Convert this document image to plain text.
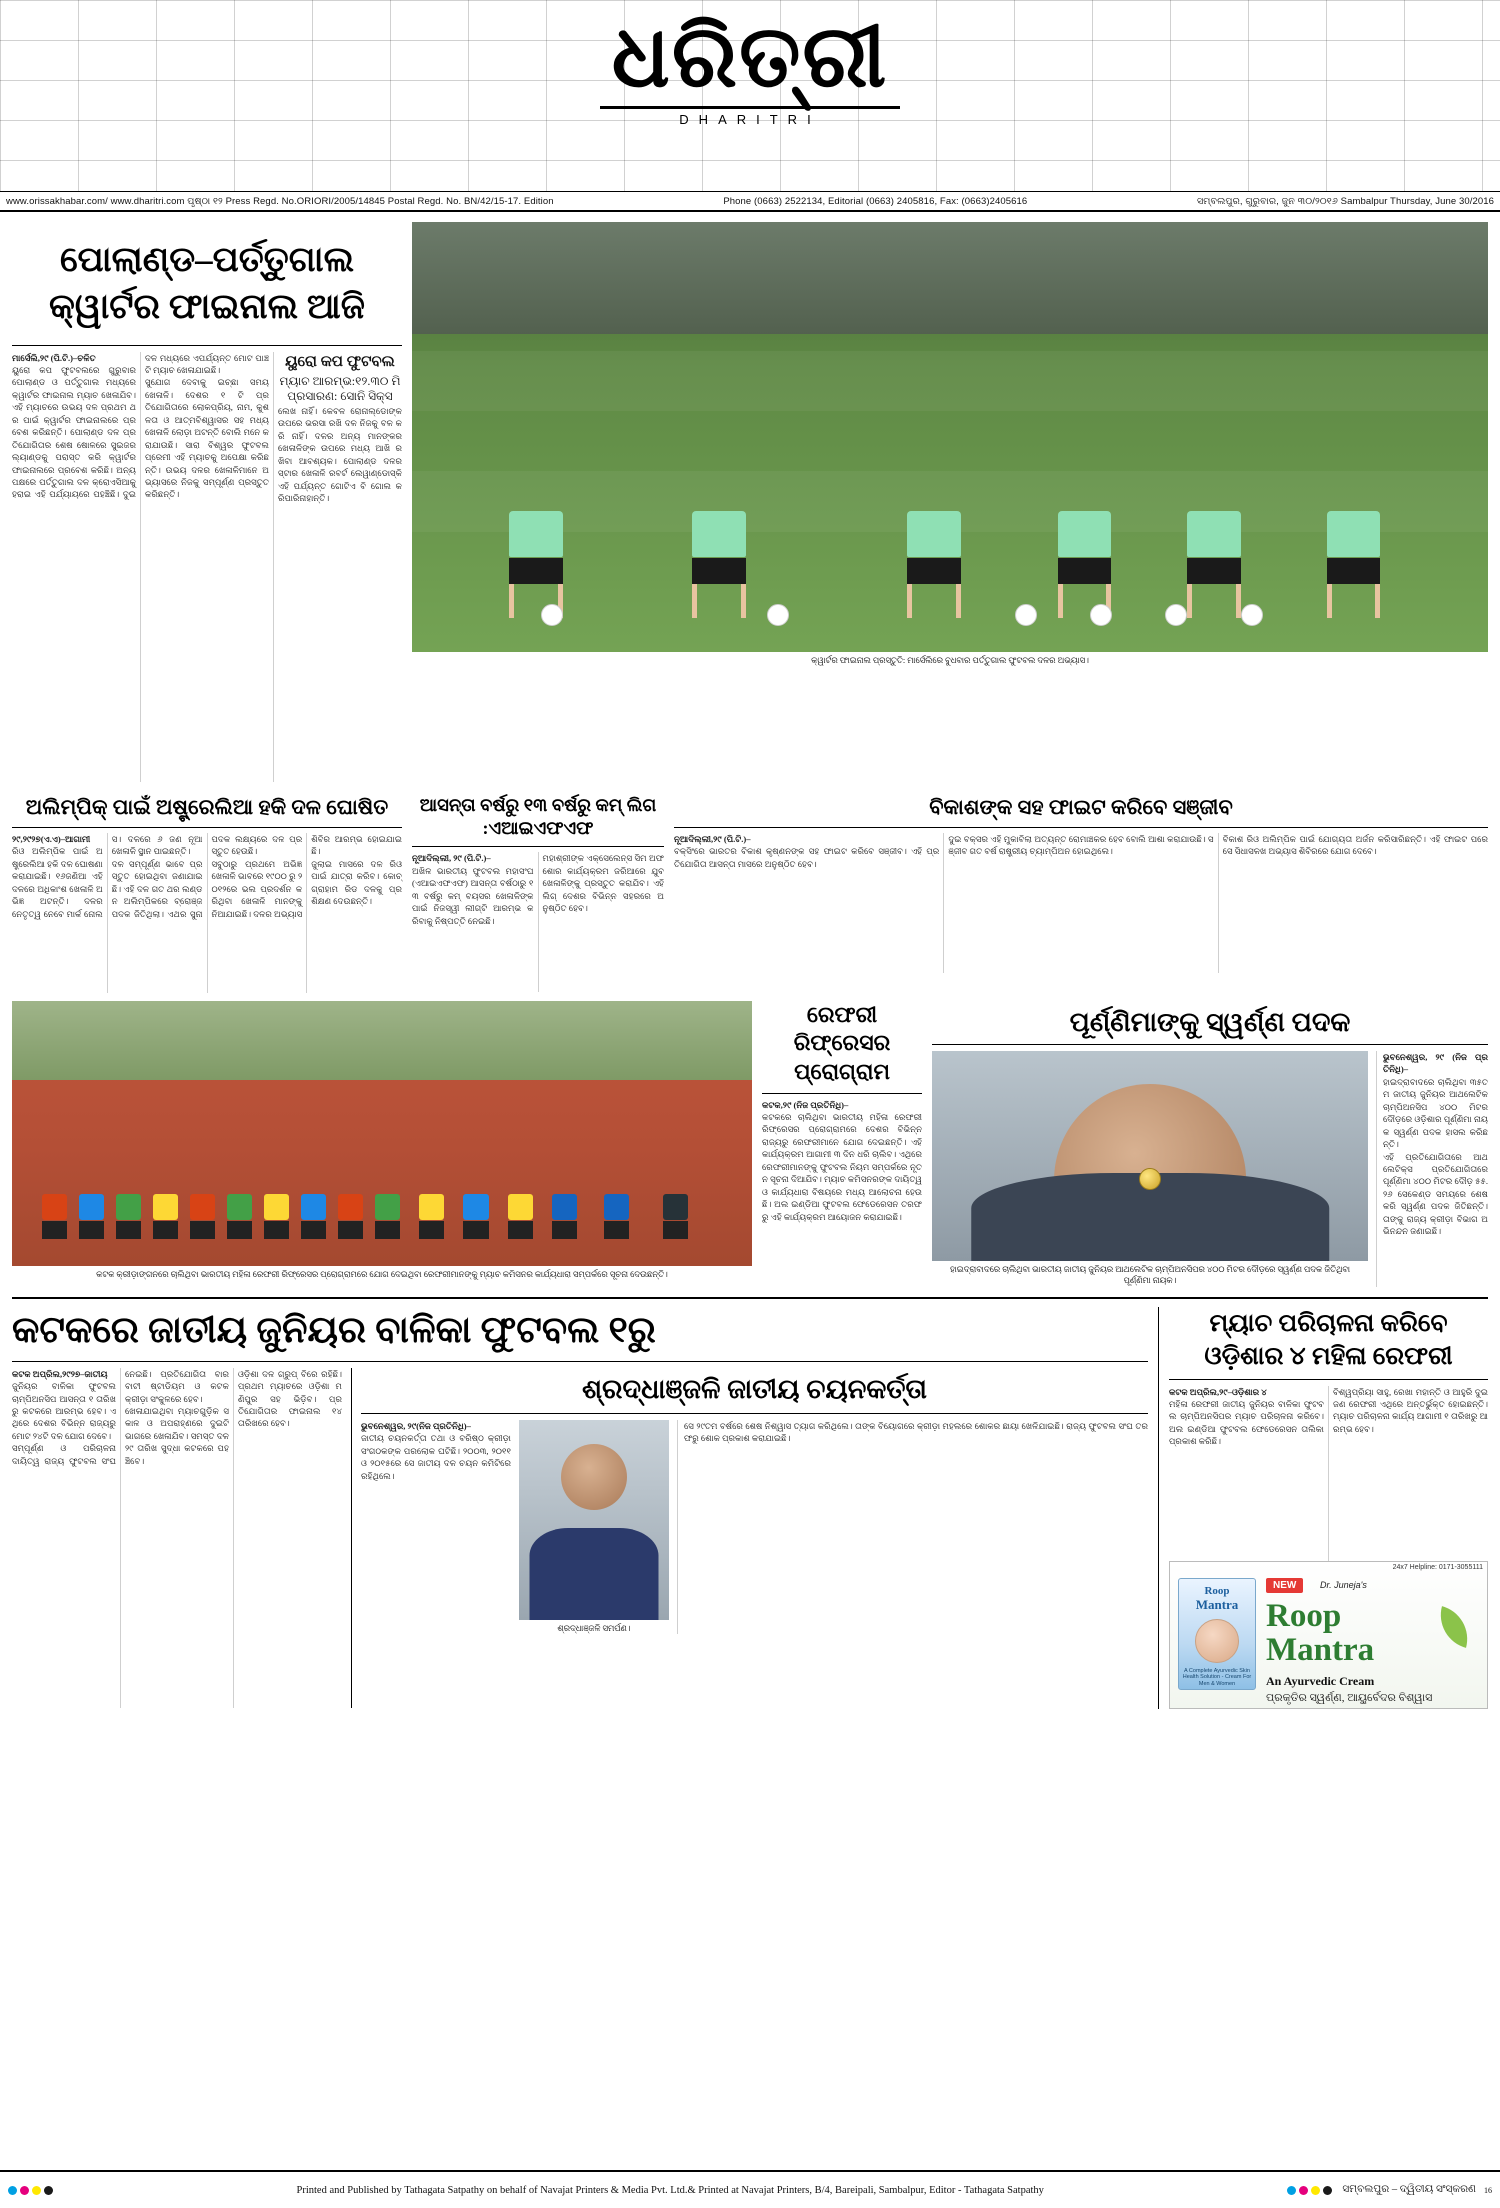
ଧରିତ୍ରୀ
DHARITRI
www.orissakhabar.com/ www.dharitri.com ପୃଷ୍ଠା ୧୨ Press Regd. No.ORIORI/2005/14845 Postal Regd. No. BN/42/15-17. Edition	Phone (0663) 2522134, Editorial (0663) 2405816, Fax: (0663)2405616	ସମ୍ବଲପୁର, ଗୁରୁବାର, ଜୁନ ୩୦/୨୦୧୬ Sambalpur Thursday, June 30/2016
ପୋଲାଣ୍ଡ–ପର୍ତ୍ତୁଗାଲ କ୍ୱାର୍ଟର ଫାଇନାଲ ଆଜି
ମାର୍ସେଲି,୨୯ (ପି.ଟି.)–ଚଳିତ
ୟୁରୋ କପ ଫୁଟବଲରେ ଗୁରୁବାର ପୋଲାଣ୍ଡ ଓ ପର୍ତ୍ତୁଗାଲ ମଧ୍ୟରେ କ୍ୱାର୍ଟର ଫାଇନାଲ ମ୍ୟାଚ ଖେଳାଯିବ। ଏହି ମ୍ୟାଚରେ ଉଭୟ ଦଳ ପ୍ରଥମ ଥର ପାଇଁ କ୍ୱାର୍ଟର ଫାଇନାଲରେ ପ୍ରବେଶ କରିଛନ୍ତି। ପୋଲାଣ୍ଡ ଦଳ ପ୍ରତିଯୋଗିତାର ଶେଷ ଷୋଳରେ ସୁଇଜରଲ୍ୟାଣ୍ଡକୁ ପରାସ୍ତ କରି କ୍ୱାର୍ଟର ଫାଇନାଲରେ ପ୍ରବେଶ କରିଛି। ଅନ୍ୟ ପକ୍ଷରେ ପର୍ତ୍ତୁଗାଲ ଦଳ କ୍ରୋଏସିଆକୁ ହରାଇ ଏହି ପର୍ଯ୍ୟାୟରେ ପହଞ୍ଚିଛି। ଦୁଇ ଦଳ ମଧ୍ୟରେ ଏପର୍ଯ୍ୟନ୍ତ ମୋଟ ପାଞ୍ଚଟି ମ୍ୟାଚ ଖେଳାଯାଇଛି।
ସୁଯୋଗ ଦେବାକୁ ଇଚ୍ଛା ସମୟ ଖେଳାଳି। ଦେଶର ୧ ଟି ପ୍ରତିଯୋଗିତାରେ ଲୋକପ୍ରିୟ, ନାମ, କୁଶଳତା ଓ ଆତ୍ମବିଶ୍ୱାସର ସହ ମଧ୍ୟ ଖେଳାଳି ଲୋଡ଼ା ଅଟନ୍ତି ବୋଲି ମନେ କରାଯାଉଛି। ସାରା ବିଶ୍ୱର ଫୁଟବଲ ପ୍ରେମୀ ଏହି ମ୍ୟାଚକୁ ଅପେକ୍ଷା କରିଛନ୍ତି। ଉଭୟ ଦଳର ଖେଳାଳିମାନେ ଅଭ୍ୟାସରେ ନିଜକୁ ସମ୍ପୂର୍ଣ୍ଣ ପ୍ରସ୍ତୁତ କରିଛନ୍ତି।
ୟୁରୋ କପ ଫୁଟବଲ
ମ୍ୟାଚ ଆରମ୍ଭ:୧୨.୩୦ ମି
ପ୍ରସାରଣ: ସୋନି ସିକ୍ସ
ଲେଖ ନାହିଁ। କେବଳ ରୋନାଲ୍ଡୋଙ୍କ ଉପରେ ଭରସା ରଖି ଦଳ ନିଜକୁ ବଳ କରି ନାହିଁ। ଦଳର ଅନ୍ୟ ମାନଙ୍କର ଖେଳାଳିଙ୍କ ଉପରେ ମଧ୍ୟ ଆଖି ରଖିବା ଆବଶ୍ୟକ। ପୋଲାଣ୍ଡ ଦଳର ସ୍ଟାର ଖେଳାଳି ରବର୍ଟ ଲେୱାଣ୍ଡୋସ୍କି ଏହି ପର୍ଯ୍ୟନ୍ତ ଗୋଟିଏ ବି ଗୋଲ କରିପାରିନାହାନ୍ତି।
କ୍ୱାର୍ଟର ଫାଇନାଲ ପ୍ରସ୍ତୁତି: ମାର୍ସେଲିରେ ବୁଧବାର ପର୍ତ୍ତୁଗାଲ ଫୁଟବଲ ଦଳର ଅଭ୍ୟାସ।
ଅଲିମ୍ପିକ୍ ପାଇଁ ଅଷ୍ଟ୍ରେଲିଆ ହକି ଦଳ ଘୋଷିତ
୨୯,୨୯୨୭(ଏ.ଏ)–ଆଗାମୀ
ରିଓ ଅଲିମ୍ପିକ ପାଇଁ ଅଷ୍ଟ୍ରେଲିଆ ହକି ଦଳ ଘୋଷଣା କରାଯାଇଛି। ୧୬ଜଣିଆ ଏହି ଦଳରେ ଅଧିକାଂଶ ଖେଳାଳି ଅଭିଜ୍ଞ ଅଟନ୍ତି। ଦଳର ନେତୃତ୍ୱ ନେବେ ମାର୍କ ନୋଲସ। ଦଳରେ ୬ ଜଣ ନୂଆ ଖେଳାଳି ସ୍ଥାନ ପାଇଛନ୍ତି।
ଦଳ ସମ୍ପୂର୍ଣ୍ଣ ଭାବେ ପ୍ରସ୍ତୁତ ହୋଇଥିବା ଜଣାଯାଇଛି। ଏହି ଦଳ ଗତ ଥର ଲଣ୍ଡନ ଅଲିମ୍ପିକରେ ବ୍ରୋଞ୍ଜ ପଦକ ଜିତିଥିଲା। ଏଥର ସୁନା ପଦକ ଲକ୍ଷ୍ୟରେ ଦଳ ପ୍ରସ୍ତୁତ ହେଉଛି।
ସବୁଠାରୁ ପ୍ରଥମେ ଅଭିଜ୍ଞ ଖେଳାଳି ଭାବରେ ୧୯୦୦ ରୁ ୨୦୧୨ରେ ଭଲ ପ୍ରଦର୍ଶନ କରିଥିବା ଖେଳାଳି ମାନଙ୍କୁ ନିଆଯାଇଛି। ଦଳର ଅଭ୍ୟାସ ଶିବିର ଆରମ୍ଭ ହୋଇଯାଇଛି।
ଜୁଲାଇ ମାସରେ ଦଳ ରିଓ ପାଇଁ ଯାତ୍ରା କରିବ। କୋଚ୍ ଗ୍ରାହାମ ରିଡ ଦଳକୁ ପ୍ରଶିକ୍ଷଣ ଦେଉଛନ୍ତି।
ଆସନ୍ତା ବର୍ଷରୁ ୧୩ ବର୍ଷରୁ କମ୍ ଲିଗ :ଏଆଇଏଫଏଫ
ନୂଆଦିଲ୍ଲୀ, ୨୯ (ପି.ଟି.)–
ଅଖିଳ ଭାରତୀୟ ଫୁଟବଲ ମହାସଂଘ (ଏଆଇଏଫଏଫ) ଆସନ୍ତା ବର୍ଷଠାରୁ ୧୩ ବର୍ଷରୁ କମ୍ ବୟସର ଖେଳାଳିଙ୍କ ପାଇଁ ନିଜସ୍ୱୀ ଲୀଗ୍‌ଟି ଆରମ୍ଭ କରିବାକୁ ନିଷ୍ପତ୍ତି ନେଇଛି।
ମହାଶ୍ରୀଙ୍କ ଏକ୍ସେଲେନ୍ସ ସିମ ଅଫଶୋର କାର୍ଯ୍ୟକ୍ରମ ଜରିଆରେ ଯୁବ ଖେଳାଳିଙ୍କୁ ପ୍ରସ୍ତୁତ କରାଯିବ। ଏହି ଲିଗ୍ ଦେଶର ବିଭିନ୍ନ ସହରରେ ଅନୁଷ୍ଠିତ ହେବ।
ବିକାଶଙ୍କ ସହ ଫାଇଟ କରିବେ ସଞ୍ଜୀବ
ନୂଆଦିଲ୍ଲୀ,୨୯ (ପି.ଟି.)–
ବକ୍ସିଂରେ ଭାରତର ବିକାଶ କୃଷ୍ଣନଙ୍କ ସହ ଫାଇଟ କରିବେ ସଞ୍ଜୀବ। ଏହି ପ୍ରତିଯୋଗିତା ଆସନ୍ତା ମାସରେ ଅନୁଷ୍ଠିତ ହେବ।
ଦୁଇ ବକ୍ସର ଏହି ମୁକାବିଲା ଅତ୍ୟନ୍ତ ରୋମାଞ୍ଚକର ହେବ ବୋଲି ଆଶା କରାଯାଉଛି। ସଞ୍ଜୀବ ଗତ ବର୍ଷ ରାଷ୍ଟ୍ରୀୟ ଚ୍ୟାମ୍ପିଅନ ହୋଇଥିଲେ।
ବିକାଶ ରିଓ ଅଲିମ୍ପିକ ପାଇଁ ଯୋଗ୍ୟତା ଅର୍ଜନ କରିସାରିଛନ୍ତି। ଏହି ଫାଇଟ ପରେ ସେ ସିଧାସଳଖ ଅଭ୍ୟାସ ଶିବିରରେ ଯୋଗ ଦେବେ।
କଟକ କ୍ରୀଡ଼ାଙ୍ଗନରେ ଚାଲିଥିବା ଭାରତୀୟ ମହିଳା ରେଫରୀ ରିଫ୍ରେସର ପ୍ରୋଗ୍ରାମରେ ଯୋଗ ଦେଇଥିବା ରେଫରୀମାନଙ୍କୁ ମ୍ୟାଚ କମିସନର କାର୍ଯ୍ୟଧାରା ସମ୍ପର୍କରେ ସୂଚନା ଦେଉଛନ୍ତି।
ରେଫରୀ ରିଫ୍ରେସର ପ୍ରୋଗ୍ରାମ
କଟକ,୨୯ (ନିଜ ପ୍ରତିନିଧି)–
କଟକରେ ଚାଲିଥିବା ଭାରତୀୟ ମହିଳା ରେଫରୀ ରିଫ୍ରେସର ପ୍ରୋଗ୍ରାମରେ ଦେଶର ବିଭିନ୍ନ ରାଜ୍ୟରୁ ରେଫରୀମାନେ ଯୋଗ ଦେଇଛନ୍ତି। ଏହି କାର୍ଯ୍ୟକ୍ରମ ଆଗାମୀ ୩ ଦିନ ଧରି ଚାଲିବ। ଏଥିରେ ରେଫରୀମାନଙ୍କୁ ଫୁଟବଲ ନିୟମ ସମ୍ପର୍କରେ ନୂତନ ସୂଚନା ଦିଆଯିବ। ମ୍ୟାଚ କମିସନରଙ୍କ ଦାୟିତ୍ୱ ଓ କାର୍ଯ୍ୟଧାରା ବିଷୟରେ ମଧ୍ୟ ଆଲୋଚନା ହେଉଛି। ଅଲ ଇଣ୍ଡିଆ ଫୁଟବଲ ଫେଡେରେସନ ତରଫରୁ ଏହି କାର୍ଯ୍ୟକ୍ରମ ଆୟୋଜନ କରାଯାଇଛି।
ପୂର୍ଣ୍ଣିମାଙ୍କୁ ସ୍ୱର୍ଣ୍ଣ ପଦକ
ହାଇଦ୍ରାବାଦରେ ଚାଲିଥିବା ଭାରତୀୟ ଜାତୀୟ ଜୁନିୟର ଆଥଲେଟିକ ଚାମ୍ପିଅନସିପର ୪୦୦ ମିଟର ଦୌଡ଼ରେ ସ୍ୱର୍ଣ୍ଣ ପଦକ ଜିତିଥିବା ପୂର୍ଣ୍ଣିମା ନାୟକ।
ଭୁବନେଶ୍ୱର, ୨୯ (ନିଜ ପ୍ରତିନିଧି)–
ହାଇଦ୍ରାବାଦରେ ଚାଲିଥିବା ୩୫ତମ ଜାତୀୟ ଜୁନିୟର ଆଥଲେଟିକ ଚାମ୍ପିଅନସିପ ୪୦୦ ମିଟର ଦୌଡ଼ରେ ଓଡ଼ିଶାର ପୂର୍ଣ୍ଣିମା ନାୟକ ସ୍ୱର୍ଣ୍ଣ ପଦକ ହାସଲ କରିଛନ୍ତି।
ଏହି ପ୍ରତିଯୋଗିତାରେ ଆଥଲେଟିକ୍ସ ପ୍ରତିଯୋଗିତାରେ ପୂର୍ଣ୍ଣିମା ୪୦୦ ମିଟର ଦୌଡ଼ ୫୫.୨୬ ସେକେଣ୍ଡ ସମୟରେ ଶେଷ କରି ସ୍ୱର୍ଣ୍ଣ ପଦକ ଜିତିଛନ୍ତି। ତାଙ୍କୁ ରାଜ୍ୟ କ୍ରୀଡ଼ା ବିଭାଗ ଅଭିନନ୍ଦନ ଜଣାଇଛି।
କଟକରେ ଜାତୀୟ ଜୁନିୟର ବାଳିକା ଫୁଟବଲ ୧ରୁ
କଟକ ଅପ୍ରିଲ,୨୯୨୭–ଜାତୀୟ
ଜୁନିୟର ବାଳିକା ଫୁଟବଲ ଚାମ୍ପିଅନସିପ ଆସନ୍ତା ୧ ତାରିଖରୁ କଟକରେ ଆରମ୍ଭ ହେବ। ଏଥିରେ ଦେଶର ବିଭିନ୍ନ ରାଜ୍ୟରୁ ମୋଟ ୨୪ଟି ଦଳ ଯୋଗ ଦେବେ।
ସମ୍ପୂର୍ଣ୍ଣ ଓ ପରିଚାଳନା ଦାୟିତ୍ୱ ରାଜ୍ୟ ଫୁଟବଲ ସଂଘ ନେଇଛି। ପ୍ରତିଯୋଗିତା ବାରବାଟୀ ଷ୍ଟାଡିୟମ ଓ କଟକ କ୍ରୀଡ଼ା ସଂକୁଳରେ ହେବ।
ଖେଳାଯାଇଥିବା ମ୍ୟାଚଗୁଡ଼ିକ ସକାଳ ଓ ଅପରାହ୍ଣରେ ଦୁଇଟି ଭାଗରେ ଖେଳାଯିବ। ସମସ୍ତ ଦଳ ୨୯ ତାରିଖ ସୁଦ୍ଧା କଟକରେ ପହଞ୍ଚିବେ।
ଓଡ଼ିଶା ଦଳ ଗ୍ରୁପ୍ ବିରେ ରହିଛି। ପ୍ରଥମ ମ୍ୟାଚରେ ଓଡ଼ିଶା ମଣିପୁର ସହ ଭିଡ଼ିବ। ପ୍ରତିଯୋଗିତାର ଫାଇନାଲ ୧୪ ତାରିଖରେ ହେବ।
ଶ୍ରଦ୍ଧାଞ୍ଜଳି ଜାତୀୟ ଚୟନକର୍ତ୍ତା
ଭୁବନେଶ୍ୱର, ୨୯(ନିଜ ପ୍ରତିନିଧି)–
ଜାତୀୟ ଚୟନକର୍ତ୍ତା ତଥା ଓ ବରିଷ୍ଠ କ୍ରୀଡ଼ା ସଂଗଠକଙ୍କ ପରଲୋକ ଘଟିଛି। ୨୦୦୩, ୨୦୧୧ ଓ ୨୦୧୫ରେ ସେ ଜାତୀୟ ଦଳ ଚୟନ କମିଟିରେ ରହିଥିଲେ।
ଶ୍ରଦ୍ଧାଞ୍ଜଳି ସମର୍ପଣ।
ସେ ୨୯ତମ ବର୍ଷରେ ଶେଷ ନିଶ୍ୱାସ ତ୍ୟାଗ କରିଥିଲେ। ତାଙ୍କ ବିୟୋଗରେ କ୍ରୀଡ଼ା ମହଲରେ ଶୋକର ଛାୟା ଖେଳିଯାଇଛି। ରାଜ୍ୟ ଫୁଟବଲ ସଂଘ ତରଫରୁ ଶୋକ ପ୍ରକାଶ କରାଯାଇଛି।
ମ୍ୟାଚ ପରିଚାଳନା କରିବେ ଓଡ଼ିଶାର ୪ ମହିଳା ରେଫରୀ
କଟକ ଅପ୍ରିଲ,୨୯–ଓଡ଼ିଶାର ୪
ମହିଳା ରେଫରୀ ଜାତୀୟ ଜୁନିୟର ବାଳିକା ଫୁଟବଲ ଚାମ୍ପିଅନସିପର ମ୍ୟାଚ ପରିଚାଳନା କରିବେ। ଅଲ ଇଣ୍ଡିଆ ଫୁଟବଲ ଫେଡେରେସନ ତାଲିକା ପ୍ରକାଶ କରିଛି।
ବିଶ୍ୱପ୍ରିୟା ସାହୁ, ରେଖା ମହାନ୍ତି ଓ ଆହୁରି ଦୁଇଜଣ ରେଫରୀ ଏଥିରେ ଅନ୍ତର୍ଭୁକ୍ତ ହୋଇଛନ୍ତି। ମ୍ୟାଚ ପରିଚାଳନା କାର୍ଯ୍ୟ ଆଗାମୀ ୧ ତାରିଖରୁ ଆରମ୍ଭ ହେବ।
24x7 Helpline: 0171-3055111
Roop
Mantra
A Complete Ayurvedic Skin Health Solution - Cream For Men & Women
NEW	Dr. Juneja's
Roop
Mantra
An Ayurvedic Cream
ପ୍ରକୃତିର ସ୍ୱର୍ଣ୍ଣ, ଆୟୁର୍ବେଦର ବିଶ୍ୱାସ
Printed and Published by Tathagata Satpathy on behalf of Navajat Printers & Media Pvt. Ltd.& Printed at Navajat Printers, B/4, Bareipali, Sambalpur, Editor - Tathagata Satpathy	ସମ୍ବଲପୁର – ଦ୍ୱିତୀୟ ସଂସ୍କରଣ 16
